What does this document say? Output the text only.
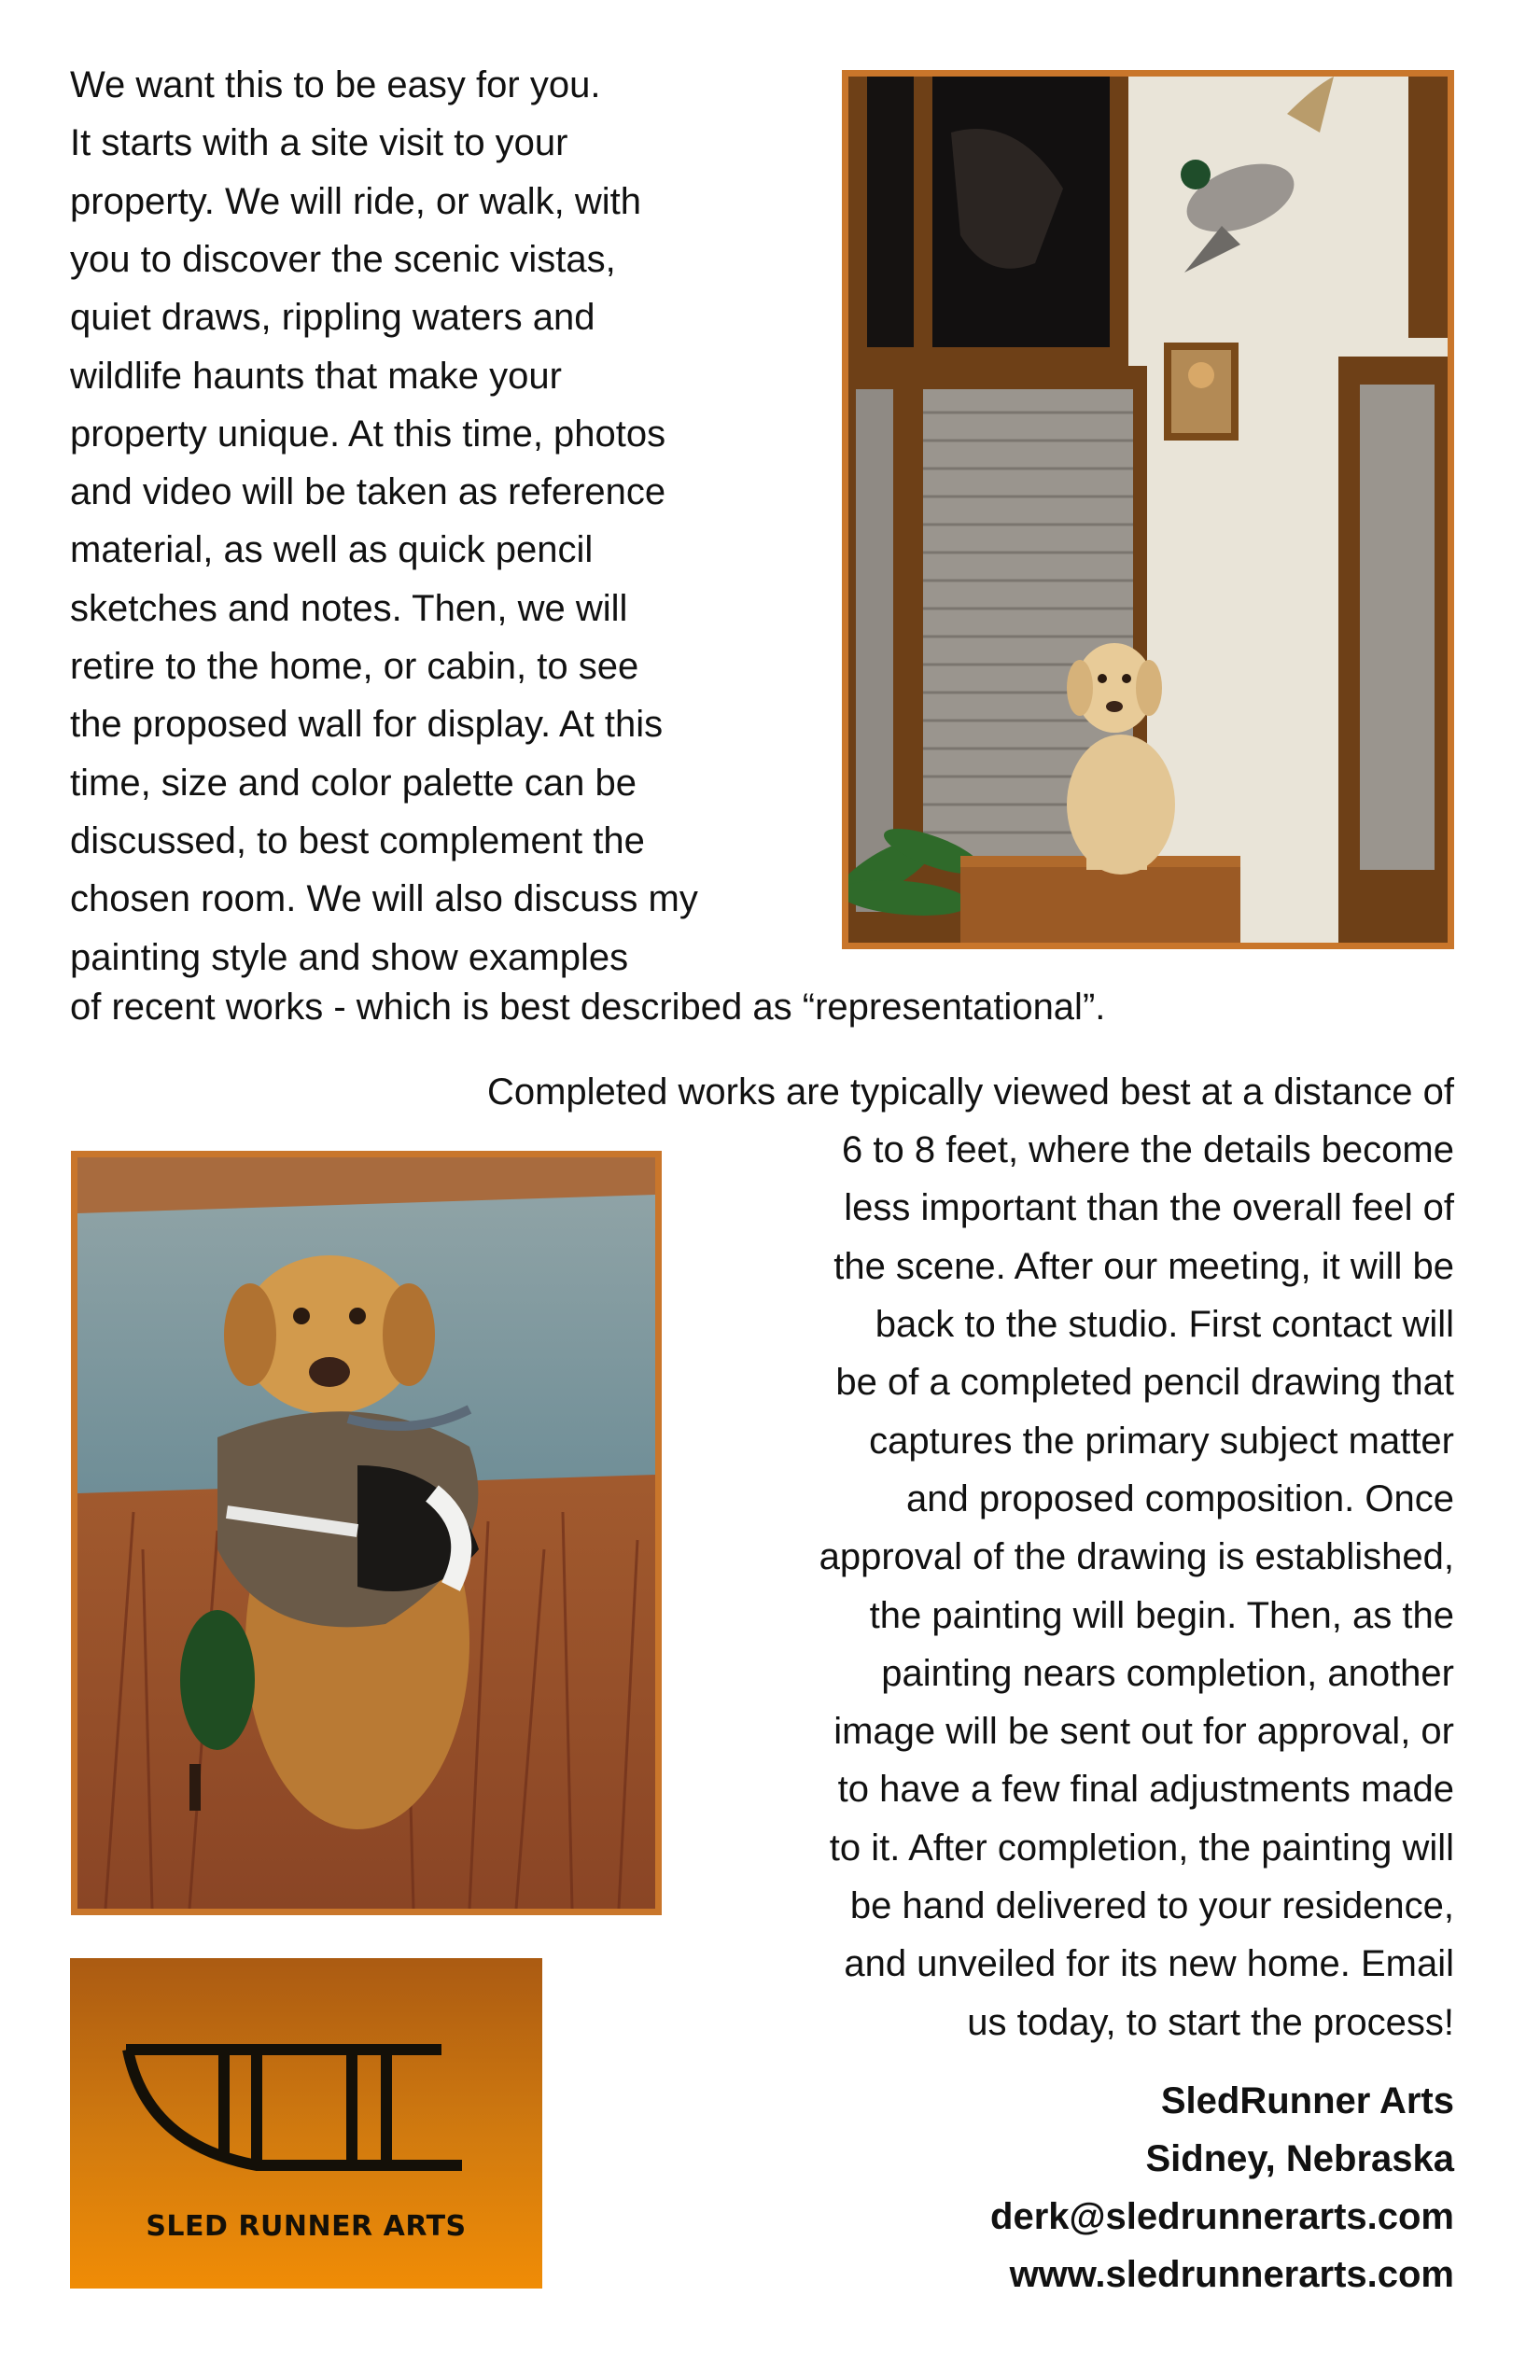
We want this to be easy for you.
It starts with a site visit to your
property. We will ride, or walk, with
you to discover the scenic vistas,
quiet draws, rippling waters and
wildlife haunts that make your
property unique. At this time, photos
and video will be taken as reference
material, as well as quick pencil
sketches and notes. Then, we will
retire to the home, or cabin, to see
the proposed wall for display. At this
time, size and color palette can be
discussed, to best complement the
chosen room. We will also discuss my
painting style and show examples
of recent works - which is best described as “representational”.
Completed works are typically viewed best at a distance of
6 to 8 feet, where the details become
less important than the overall feel of
the scene. After our meeting, it will be
back to the studio. First contact will
be of a completed pencil drawing that
captures the primary subject matter
and proposed composition. Once
approval of the drawing is established,
the painting will begin. Then, as the
painting nears completion, another
image will be sent out for approval, or
to have a few final adjustments made
to it. After completion, the painting will
be hand delivered to your residence,
and unveiled for its new home. Email
us today, to start the process!
SLED RUNNER ARTS
SledRunner Arts
Sidney, Nebraska
derk@sledrunnerarts.com
www.sledrunnerarts.com
